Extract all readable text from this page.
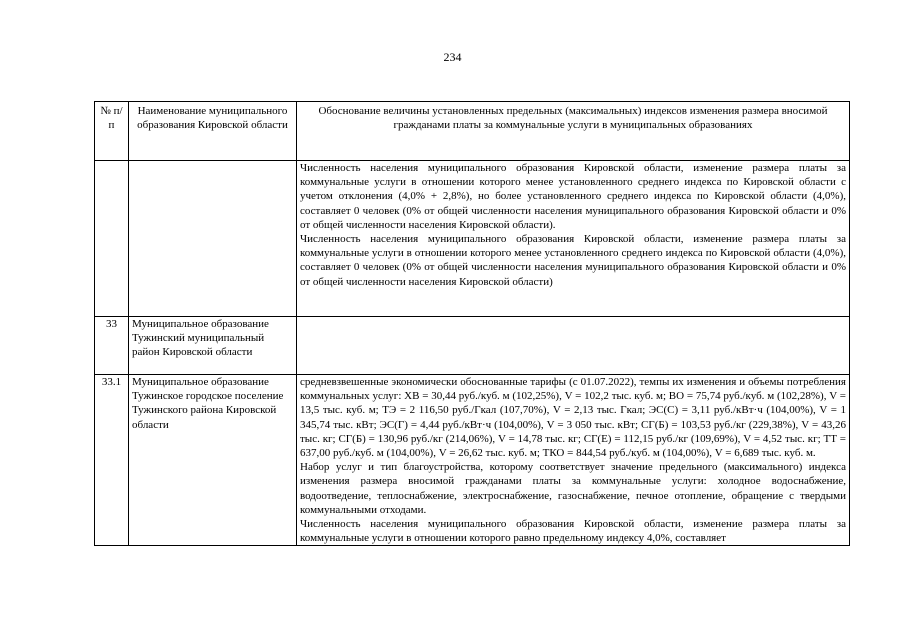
234
№ п/п	Наименование муниципального образования Кировской области	Обоснование величины установленных предельных (максимальных) индексов изменения размера вносимой гражданами платы за коммунальные услуги в муниципальных образованиях

		Численность населения муниципального образования Кировской области, изменение размера платы за коммунальные услуги в отношении которого менее установленного среднего индекса по Кировской области с учетом отклонения (4,0% + 2,8%), но более установленного среднего индекса по Кировской области (4,0%), составляет 0 человек (0% от общей численности населения муниципального образования Кировской области и 0% от общей численности населения Кировской области).

Численность населения муниципального образования Кировской области, изменение размера платы за коммунальные услуги в отношении которого менее установленного среднего индекса по Кировской области (4,0%), составляет 0 человек (0% от общей численности населения муниципального образования Кировской области и 0% от общей численности населения Кировской области)

33	Муниципальное образование Тужинский муниципальный район Кировской области	
33.1	Муниципальное образование Тужинское городское поселение Тужинского района Кировской области	средневзвешенные экономически обоснованные тарифы (с 01.07.2022), темпы их изменения и объемы потребления коммунальных услуг: ХВ = 30,44 руб./куб. м (102,25%), V = 102,2 тыс. куб. м; ВО = 75,74 руб./куб. м (102,28%), V = 13,5 тыс. куб. м; ТЭ = 2 116,50 руб./Гкал (107,70%), V = 2,13 тыс. Гкал; ЭС(С) = 3,11 руб./кВт·ч (104,00%), V = 1 345,74 тыс. кВт; ЭС(Г) = 4,44 руб./кВт·ч (104,00%), V = 3 050 тыс. кВт; СГ(Б) = 103,53 руб./кг (229,38%), V = 43,26 тыс. кг; СГ(Б) = 130,96 руб./кг (214,06%), V = 14,78 тыс. кг; СГ(Е) = 112,15 руб./кг (109,69%), V = 4,52 тыс. кг; ТТ = 637,00 руб./куб. м (104,00%), V = 26,62 тыс. куб. м; ТКО = 844,54 руб./куб. м (104,00%), V = 6,689 тыс. куб. м.

Набор услуг и тип благоустройства, которому соответствует значение предельного (максимального) индекса изменения размера вносимой гражданами платы за коммунальные услуги: холодное водоснабжение, водоотведение, теплоснабжение, электроснабжение, газоснабжение, печное отопление, обращение с твердыми коммунальными отходами.

Численность населения муниципального образования Кировской области, изменение размера платы за коммунальные услуги в отношении которого равно предельному индексу 4,0%, составляет
